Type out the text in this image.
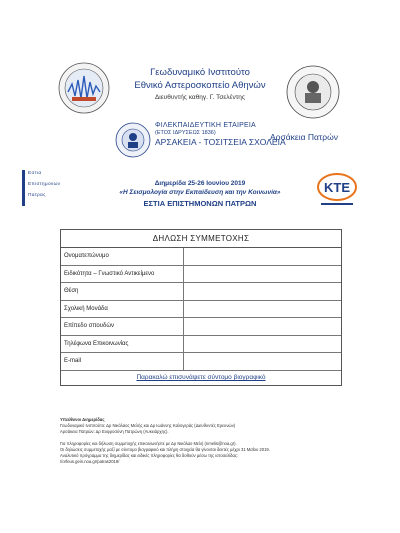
Γεωδυναμικό Ινστιτούτο
Εθνικό Αστεροσκοπείο Αθηνών
Διευθυντής καθηγ. Γ. Τσελέντης
ΦΙΛΕΚΠΑΙΔΕΥΤΙΚΗ ΕΤΑΙΡΕΙΑ
(ΕΤΟΣ ΙΔΡΥΣΕΩΣ 1836)
ΑΡΣΑΚΕΙΑ - ΤΟΣΙΤΣΕΙΑ ΣΧΟΛΕΙΑ
Αρσάκεια Πατρών
Εστια
Επιστημονων
Πατρας
KTE
Διημερίδα 25-26 Ιουνίου 2019
«Η Σεισμολογία στην Εκπαίδευση και την Κοινωνία»
ΕΣΤΙΑ ΕΠΙΣΤΗΜΟΝΩΝ ΠΑΤΡΩΝ
ΔΗΛΩΣΗ ΣΥΜΜΕΤΟΧΗΣ
Ονοματεπώνυμο
Ειδικότητα – Γνωστικό Αντικείμενο
Θέση
Σχολική Μονάδα
Επίπεδο σπουδών
Τηλέφωνα Επικοινωνίας
E-mail
Παρακαλώ επισυνάψετε σύντομο βιογραφικό
Υπεύθυνοι Διημερίδας
Γεωδυναμικό Ινστιτούτο: Δρ Νικόλαος Μελής και Δρ Ιωάννης Καλογεράς (Διευθυντές Ερευνών)
Αρσάκεια Πατρών: Δρ Ευφροσύνη Πατρώνη (Λυκειάρχης).
Για πληροφορίες και δήλωση συμμετοχής επικοινωνήστε με Δρ Νικόλαο Μελή (nmelis@noa.gr).
Οι δηλώσεις συμμετοχής μαζί με σύντομο βιογραφικό και πλήρη στοιχεία θα γίνονται δεκτές μέχρι 31 Μαΐου 2019.
Αναλυτικό πρόγραμμα της διημερίδας και ειδικές πληροφορίες θα δοθούν μέσω της ιστοσελίδας:
//orfeus.gein.noa.gr/patras2019/
